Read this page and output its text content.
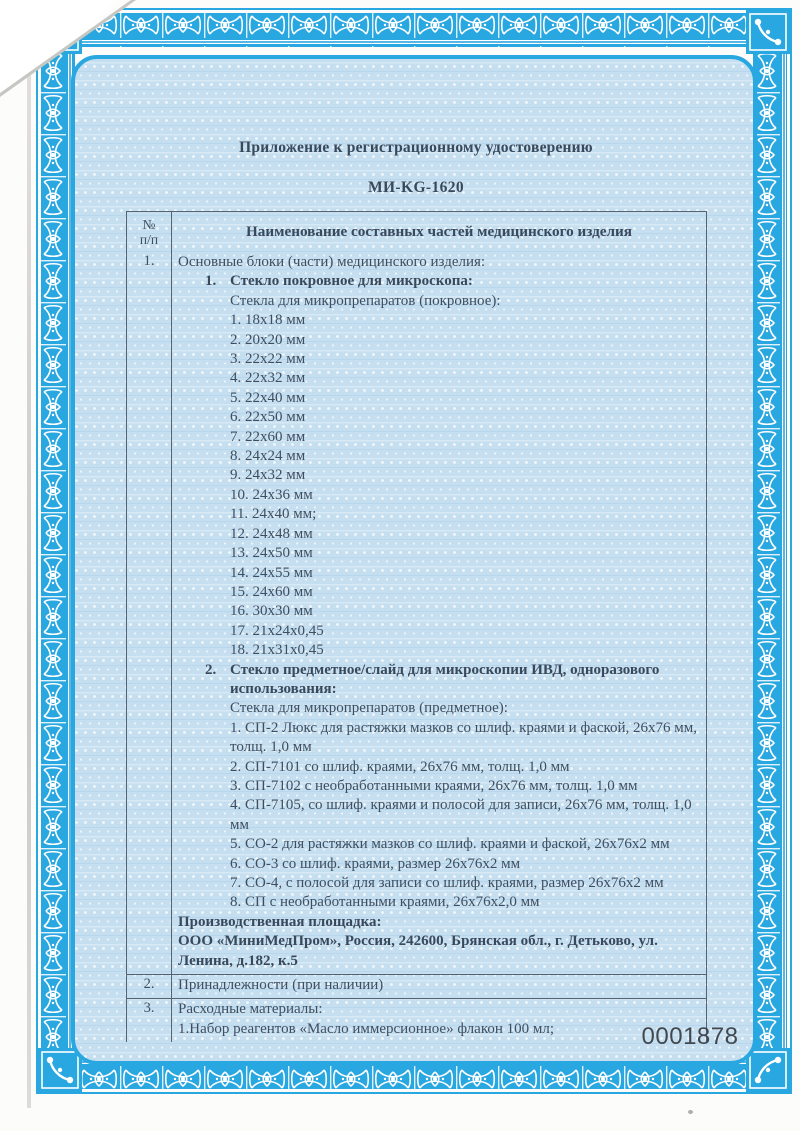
Приложение к регистрационному удостоверению
МИ-KG-1620
№
п/п	Наименование составных частей медицинского изделия
1.	Основные блоки (части) медицинского изделия:
1. Стекло покровное для микроскопа:
Стекла для микропрепаратов (покровное):
1. 18х18 мм
2. 20х20 мм
3. 22х22 мм
4. 22х32 мм
5. 22х40 мм
6. 22х50 мм
7. 22х60 мм
8. 24х24 мм
9. 24х32 мм
10. 24х36 мм
11. 24х40 мм;
12. 24х48 мм
13. 24х50 мм
14. 24х55 мм
15. 24х60 мм
16. 30х30 мм
17. 21х24х0,45
18. 21х31х0,45
2. Стекло предметное/слайд для микроскопии ИВД, одноразового использования:
Стекла для микропрепаратов (предметное):
1. СП-2 Люкс для растяжки мазков со шлиф. краями и фаской, 26х76 мм, толщ. 1,0 мм
2. СП-7101 со шлиф. краями, 26х76 мм, толщ. 1,0 мм
3. СП-7102 с необработанными краями, 26х76 мм, толщ. 1,0 мм
4. СП-7105, со шлиф. краями и полосой для записи, 26х76 мм, толщ. 1,0 мм
5. СО-2 для растяжки мазков со шлиф. краями и фаской, 26х76х2 мм
6. СО-3 со шлиф. краями, размер 26х76х2 мм
7. СО-4, с полосой для записи со шлиф. краями, размер 26х76х2 мм
8. СП с необработанными краями, 26х76х2,0 мм
Производственная площадка:
ООО «МиниМедПром», Россия, 242600, Брянская обл., г. Детьково, ул. Ленина, д.182, к.5
2.	Принадлежности (при наличии)
3.	Расходные материалы:
1.Набор реагентов «Масло иммерсионное» флакон 100 мл;	0001878
